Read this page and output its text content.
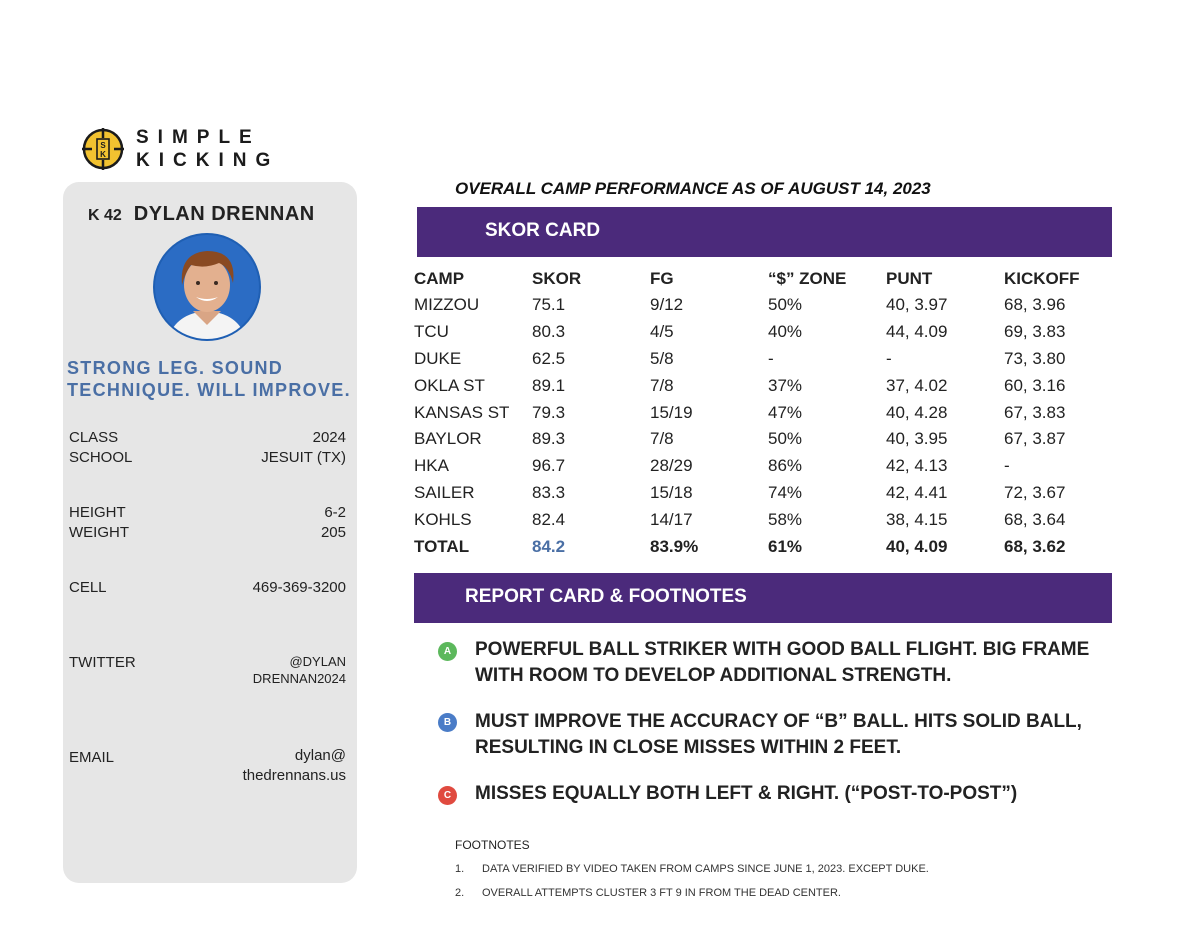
S
K
SIMPLE
KICKING
K 42 DYLAN DRENNAN
STRONG LEG. SOUND
TECHNIQUE. WILL IMPROVE.
CLASS	2024
SCHOOL	JESUIT (TX)
HEIGHT	6-2
WEIGHT	205
CELL	469-369-3200
TWITTER	@DYLAN
DRENNAN2024
EMAIL	dylan@
thedrennans.us
OVERALL CAMP PERFORMANCE AS OF AUGUST 14, 2023
SKOR CARD
CAMP	SKOR	FG	“$” ZONE	PUNT	KICKOFF
MIZZOU	75.1	9/12	50%	40, 3.97	68, 3.96
TCU	80.3	4/5	40%	44, 4.09	69, 3.83
DUKE	62.5	5/8	-	-	73, 3.80
OKLA ST	89.1	7/8	37%	37, 4.02	60, 3.16
KANSAS ST	79.3	15/19	47%	40, 4.28	67, 3.83
BAYLOR	89.3	7/8	50%	40, 3.95	67, 3.87
HKA	96.7	28/29	86%	42, 4.13	-
SAILER	83.3	15/18	74%	42, 4.41	72, 3.67
KOHLS	82.4	14/17	58%	38, 4.15	68, 3.64
TOTAL	84.2	83.9%	61%	40, 4.09	68, 3.62
REPORT CARD & FOOTNOTES
A	POWERFUL BALL STRIKER WITH GOOD BALL FLIGHT. BIG FRAME WITH ROOM TO DEVELOP ADDITIONAL STRENGTH.
B	MUST IMPROVE THE ACCURACY OF “B” BALL. HITS SOLID BALL, RESULTING IN CLOSE MISSES WITHIN 2 FEET.
C	MISSES EQUALLY BOTH LEFT & RIGHT. (“POST-TO-POST”)
FOOTNOTES
1. DATA VERIFIED BY VIDEO TAKEN FROM CAMPS SINCE JUNE 1, 2023. EXCEPT DUKE.
2. OVERALL ATTEMPTS CLUSTER 3 FT 9 IN FROM THE DEAD CENTER.
